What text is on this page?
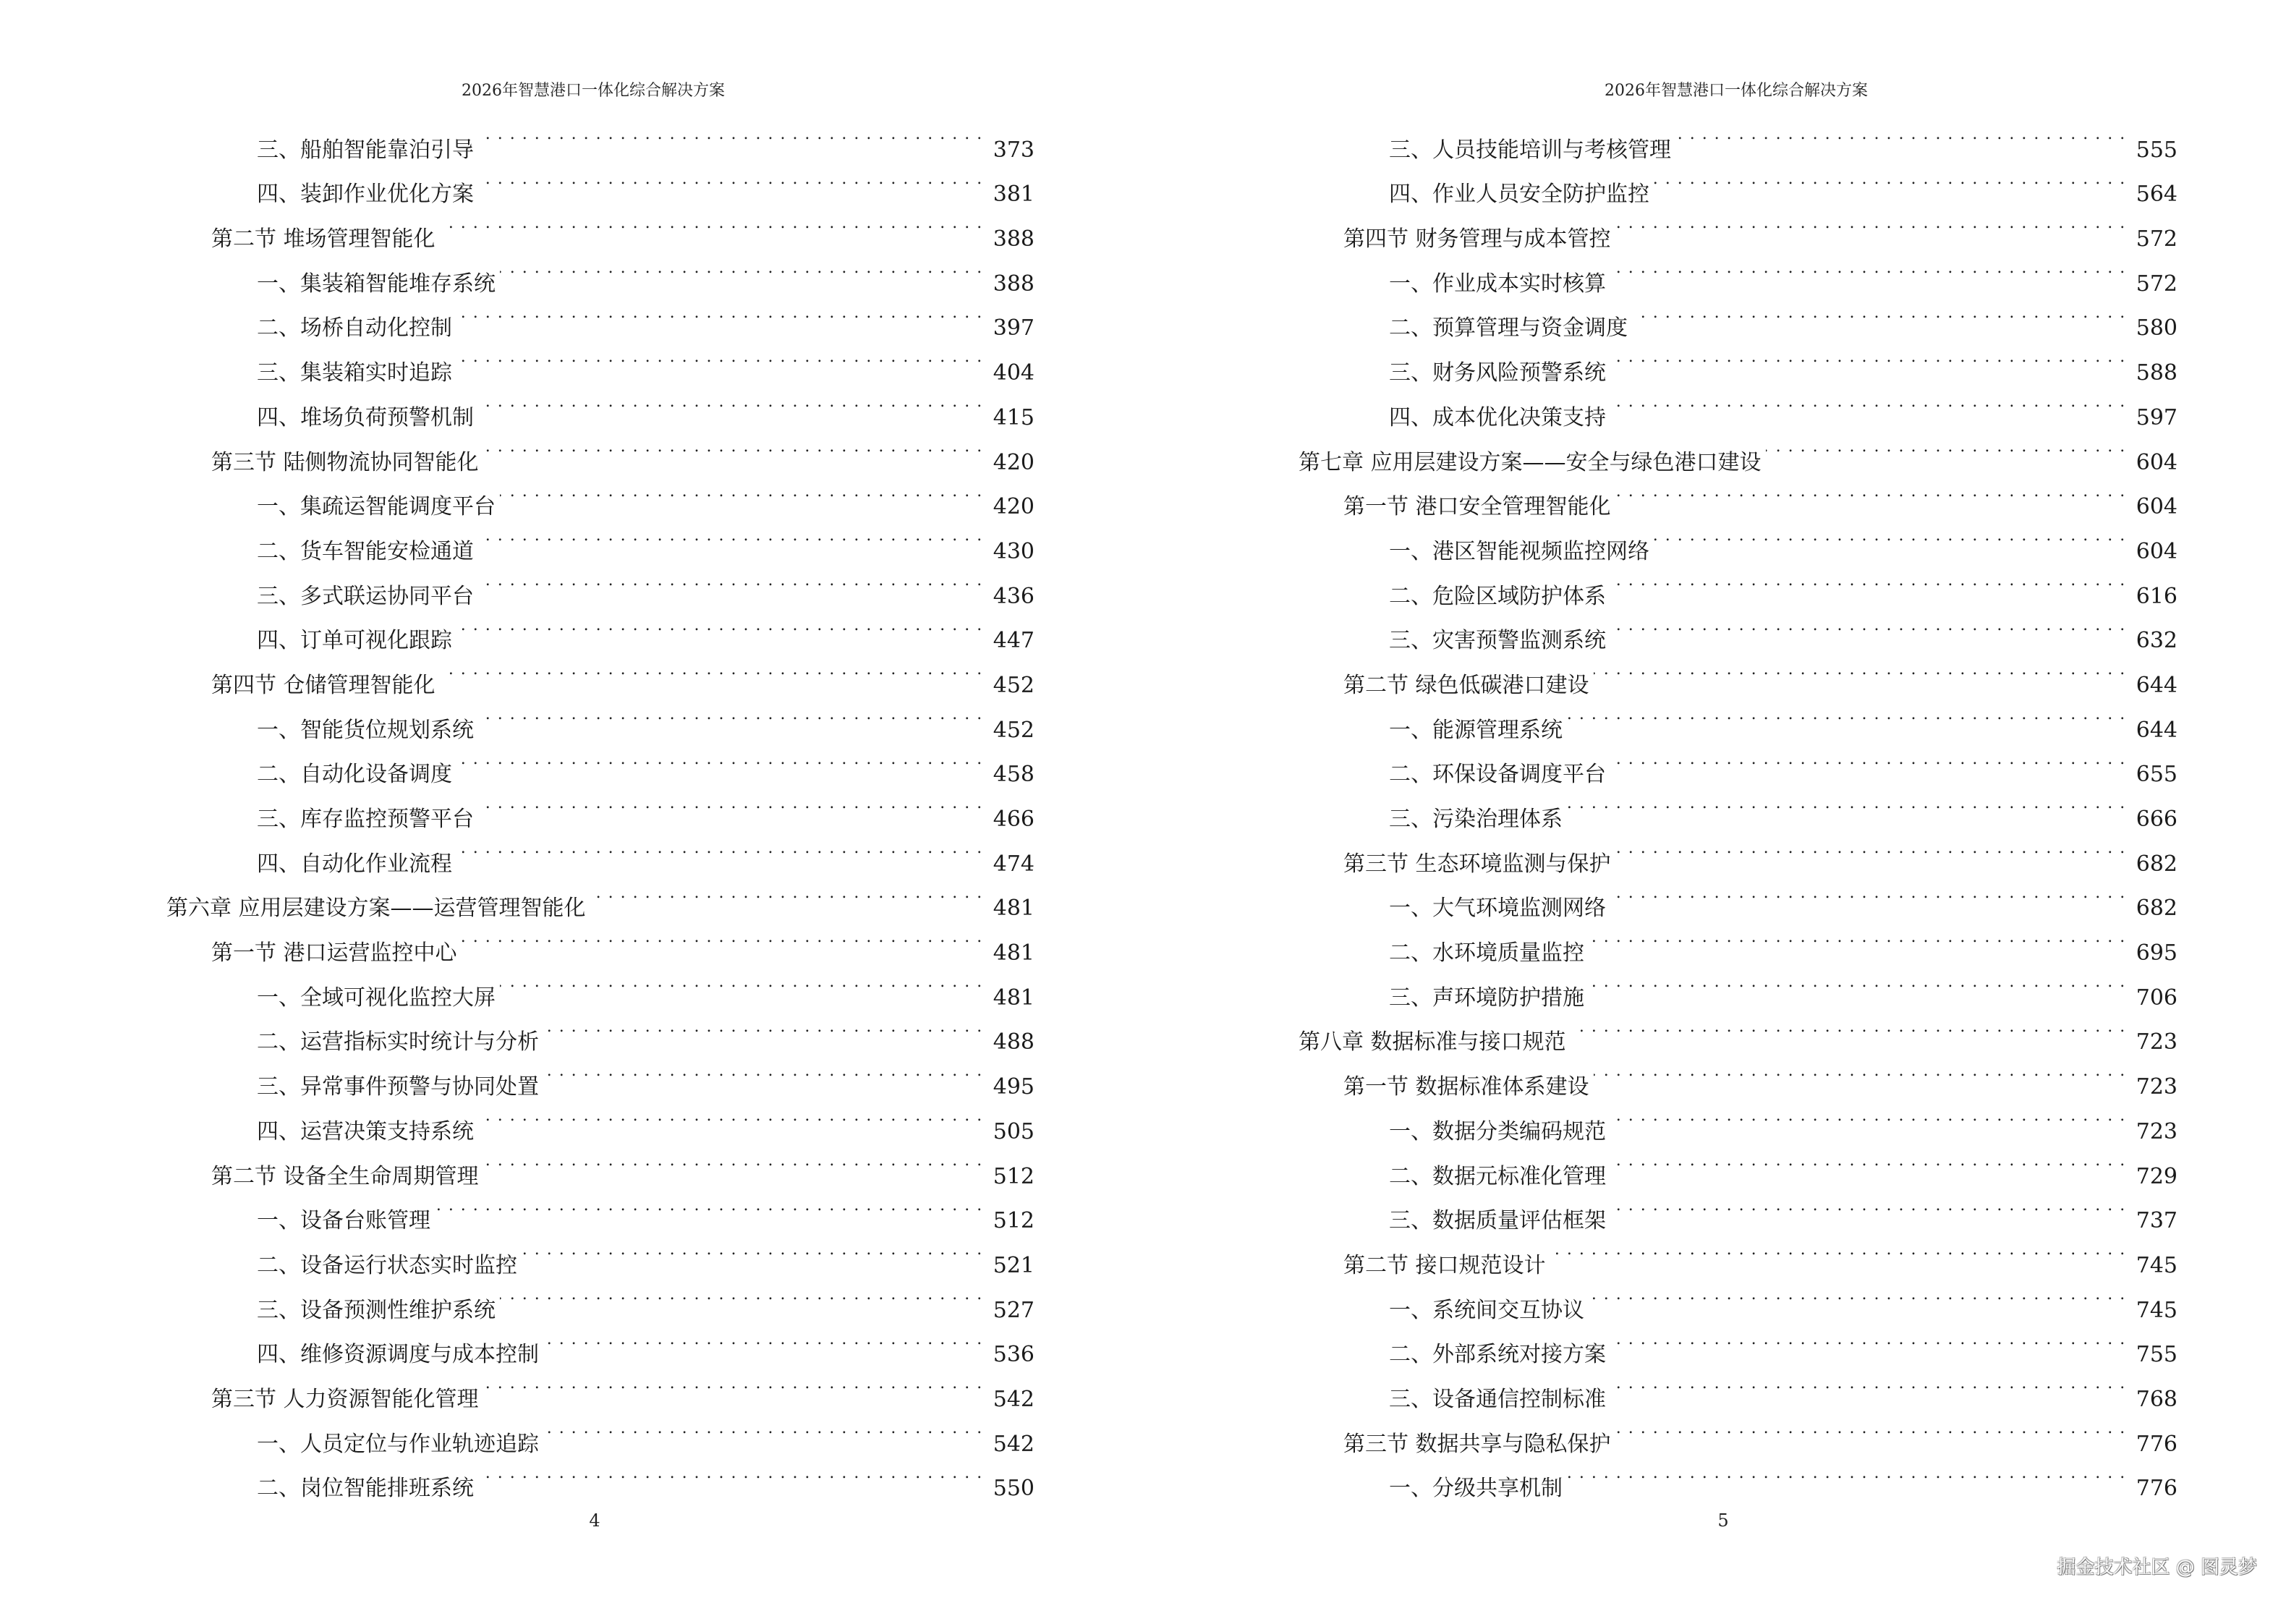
2026年智慧港口一体化综合解决方案
三、船舶智能靠泊引导 . . .	373
四、装卸作业优化方案 . . .	381
第二节 堆场管理智能化 . . .	388
一、集装箱智能堆存系统 . . .	388
二、场桥自动化控制 . . .	397
三、集装箱实时追踪 . . .	404
四、堆场负荷预警机制 . . .	415
第三节 陆侧物流协同智能化 . . .	420
一、集疏运智能调度平台 . . .	420
二、货车智能安检通道 . . .	430
三、多式联运协同平台 . . .	436
四、订单可视化跟踪 . . .	447
第四节 仓储管理智能化 . . .	452
一、智能货位规划系统 . . .	452
二、自动化设备调度 . . .	458
三、库存监控预警平台 . . .	466
四、自动化作业流程 . . .	474
第六章 应用层建设方案——运营管理智能化 . . .	481
第一节 港口运营监控中心 . . .	481
一、全域可视化监控大屏 . . .	481
二、运营指标实时统计与分析 . . .	488
三、异常事件预警与协同处置 . . .	495
四、运营决策支持系统 . . .	505
第二节 设备全生命周期管理 . . .	512
一、设备台账管理 . . .	512
二、设备运行状态实时监控 . . .	521
三、设备预测性维护系统 . . .	527
四、维修资源调度与成本控制 . . .	536
第三节 人力资源智能化管理 . . .	542
一、人员定位与作业轨迹追踪 . . .	542
二、岗位智能排班系统 . . .	550
4
2026年智慧港口一体化综合解决方案
三、人员技能培训与考核管理 . . .	555
四、作业人员安全防护监控 . . .	564
第四节 财务管理与成本管控 . . .	572
一、作业成本实时核算 . . .	572
二、预算管理与资金调度 . . .	580
三、财务风险预警系统 . . .	588
四、成本优化决策支持 . . .	597
第七章 应用层建设方案——安全与绿色港口建设 . . .	604
第一节 港口安全管理智能化 . . .	604
一、港区智能视频监控网络 . . .	604
二、危险区域防护体系 . . .	616
三、灾害预警监测系统 . . .	632
第二节 绿色低碳港口建设 . . .	644
一、能源管理系统 . . .	644
二、环保设备调度平台 . . .	655
三、污染治理体系 . . .	666
第三节 生态环境监测与保护 . . .	682
一、大气环境监测网络 . . .	682
二、水环境质量监控 . . .	695
三、声环境防护措施 . . .	706
第八章 数据标准与接口规范 . . .	723
第一节 数据标准体系建设 . . .	723
一、数据分类编码规范 . . .	723
二、数据元标准化管理 . . .	729
三、数据质量评估框架 . . .	737
第二节 接口规范设计 . . .	745
一、系统间交互协议 . . .	745
二、外部系统对接方案 . . .	755
三、设备通信控制标准 . . .	768
第三节 数据共享与隐私保护 . . .	776
一、分级共享机制 . . .	776
5
掘金技术社区 @ 图灵梦
